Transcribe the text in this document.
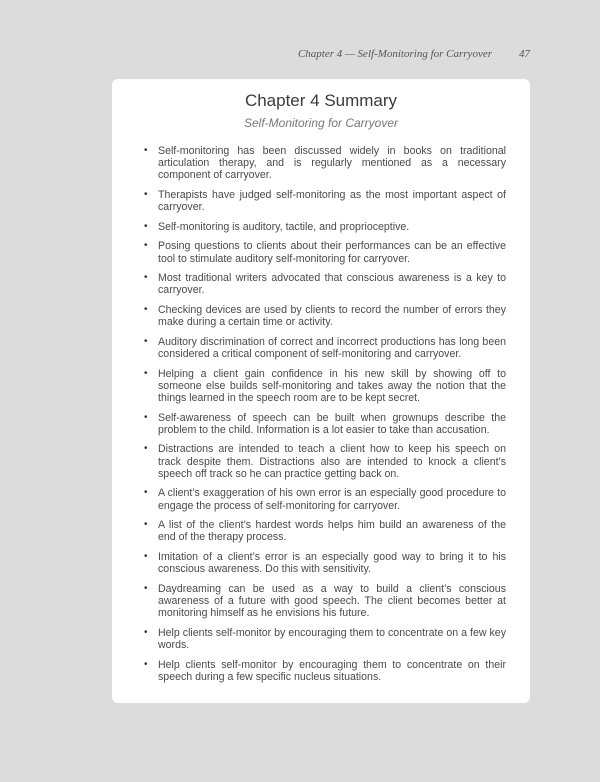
Chapter 4 — Self-Monitoring for Carryover 47
Chapter 4 Summary
Self-Monitoring for Carryover
• Self-monitoring has been discussed widely in books on traditional articulation therapy, and is regularly mentioned as a necessary component of carryover.
• Therapists have judged self-monitoring as the most important aspect of carryover.
• Self-monitoring is auditory, tactile, and proprioceptive.
• Posing questions to clients about their performances can be an effective tool to stimulate auditory self-monitoring for carryover.
• Most traditional writers advocated that conscious awareness is a key to carryover.
• Checking devices are used by clients to record the number of errors they make during a certain time or activity.
• Auditory discrimination of correct and incorrect productions has long been considered a critical component of self-monitoring and carryover.
• Helping a client gain confidence in his new skill by showing off to someone else builds self-monitoring and takes away the notion that the things learned in the speech room are to be kept secret.
• Self-awareness of speech can be built when grownups describe the problem to the child. Information is a lot easier to take than accusation.
• Distractions are intended to teach a client how to keep his speech on track despite them. Distractions also are intended to knock a client’s speech off track so he can practice getting back on.
• A client’s exaggeration of his own error is an especially good procedure to engage the process of self-monitoring for carryover.
• A list of the client’s hardest words helps him build an awareness of the end of the therapy process.
• Imitation of a client’s error is an especially good way to bring it to his conscious awareness. Do this with sensitivity.
• Daydreaming can be used as a way to build a client’s conscious awareness of a future with good speech. The client becomes better at monitoring himself as he envisions his future.
• Help clients self-monitor by encouraging them to concentrate on a few key words.
• Help clients self-monitor by encouraging them to concentrate on their speech during a few specific nucleus situations.
